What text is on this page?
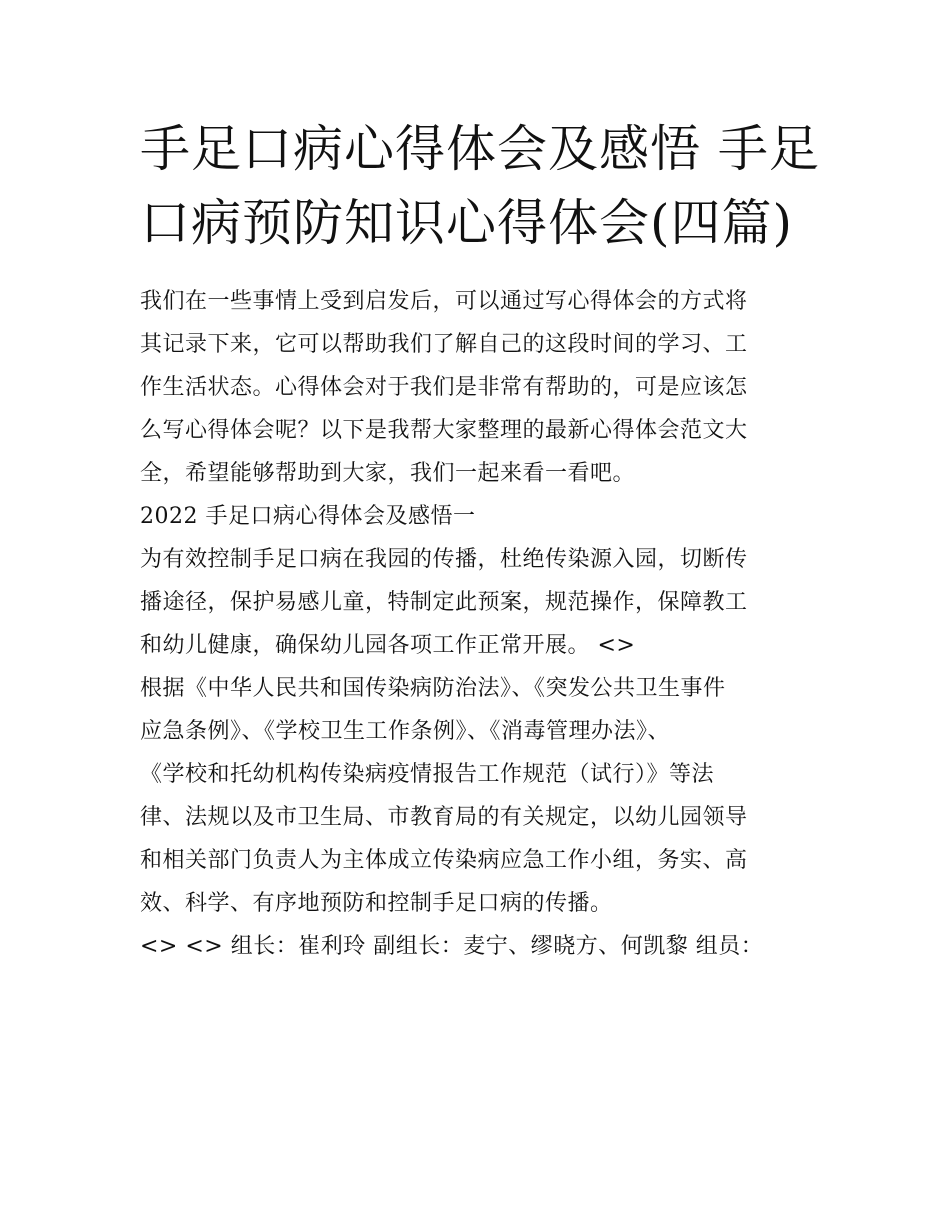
手足口病心得体会及感悟 手足
口病预防知识心得体会(四篇)

我们在一些事情上受到启发后，可以通过写心得体会的方式将
其记录下来，它可以帮助我们了解自己的这段时间的学习、工
作生活状态。心得体会对于我们是非常有帮助的，可是应该怎
么写心得体会呢？以下是我帮大家整理的最新心得体会范文大
全，希望能够帮助到大家，我们一起来看一看吧。

2022 手足口病心得体会及感悟一

为有效控制手足口病在我园的传播，杜绝传染源入园，切断传
播途径，保护易感儿童，特制定此预案，规范操作，保障教工
和幼儿健康，确保幼儿园各项工作正常开展。 <>

根据《中华人民共和国传染病防治法》、《突发公共卫生事件
应急条例》、《学校卫生工作条例》、《消毒管理办法》、
《学校和托幼机构传染病疫情报告工作规范（试行）》等法
律、法规以及市卫生局、市教育局的有关规定，以幼儿园领导
和相关部门负责人为主体成立传染病应急工作小组，务实、高
效、科学、有序地预防和控制手足口病的传播。

<> <> 组长：崔利玲 副组长：麦宁、缪晓方、何凯黎 组员：
